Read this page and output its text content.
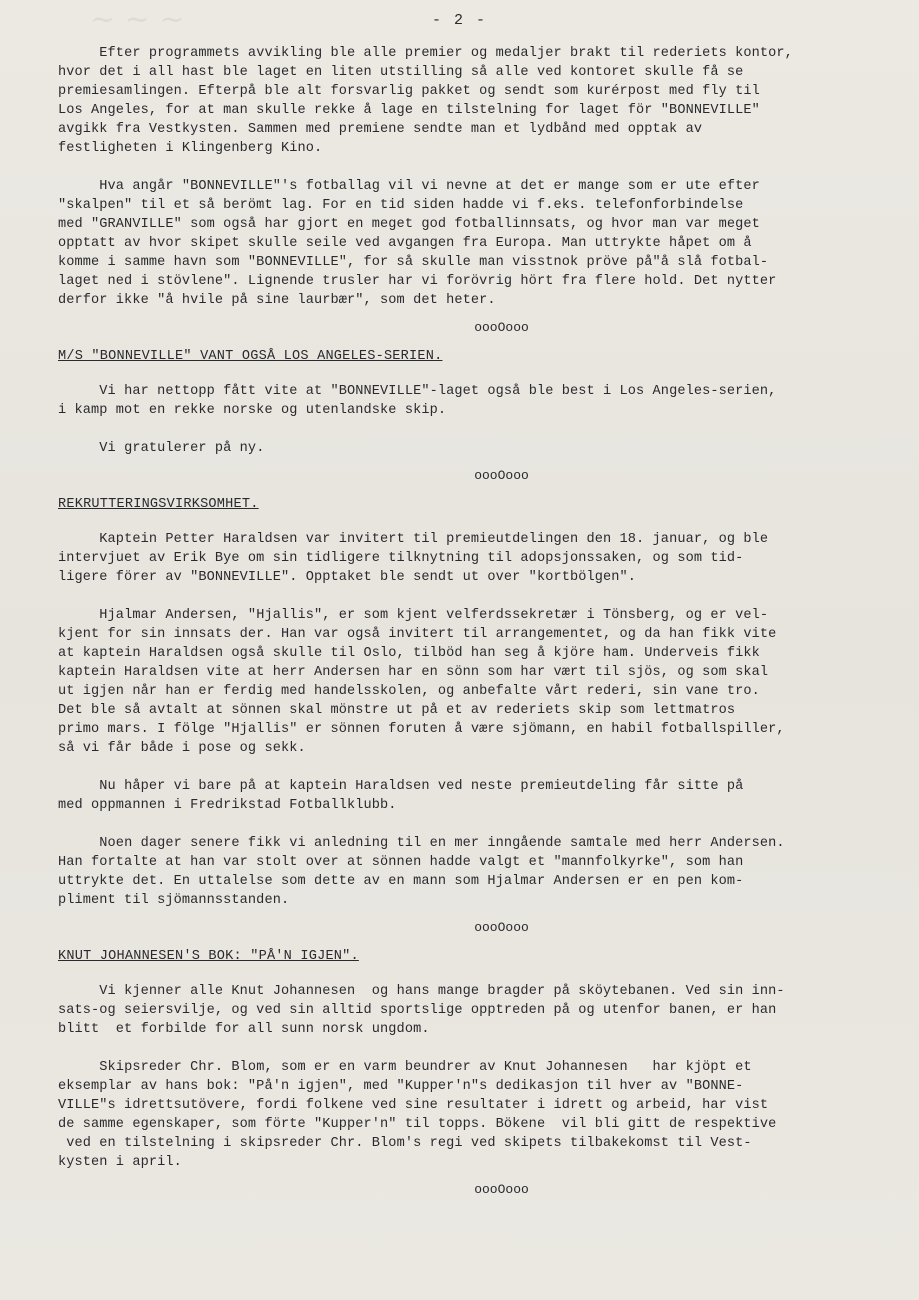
~ ~ ~	- 2 -

Efter programmets avvikling ble alle premier og medaljer brakt til rederiets kontor,
hvor det i all hast ble laget en liten utstilling så alle ved kontoret skulle få se
premiesamlingen. Efterpå ble alt forsvarlig pakket og sendt som kurérpost med fly til
Los Angeles, for at man skulle rekke å lage en tilstelning for laget för "BONNEVILLE"
avgikk fra Vestkysten. Sammen med premiene sendte man et lydbånd med opptak av
festligheten i Klingenberg Kino.

Hva angår "BONNEVILLE"'s fotballag vil vi nevne at det er mange som er ute efter
"skalpen" til et så berömt lag. For en tid siden hadde vi f.eks. telefonforbindelse
med "GRANVILLE" som også har gjort en meget god fotballinnsats, og hvor man var meget
opptatt av hvor skipet skulle seile ved avgangen fra Europa. Man uttrykte håpet om å
komme i samme havn som "BONNEVILLE", for så skulle man visstnok pröve på"å slå fotbal-
laget ned i stövlene". Lignende trusler har vi forövrig hört fra flere hold. Det nytter
derfor ikke "å hvile på sine laurbær", som det heter.

oooOooo
M/S "BONNEVILLE" VANT OGSÅ LOS ANGELES-SERIEN.

Vi har nettopp fått vite at "BONNEVILLE"-laget også ble best i Los Angeles-serien,
i kamp mot en rekke norske og utenlandske skip.

Vi gratulerer på ny.

oooOooo
REKRUTTERINGSVIRKSOMHET.

Kaptein Petter Haraldsen var invitert til premieutdelingen den 18. januar, og ble
intervjuet av Erik Bye om sin tidligere tilknytning til adopsjonssaken, og som tid-
ligere förer av "BONNEVILLE". Opptaket ble sendt ut over "kortbölgen".

Hjalmar Andersen, "Hjallis", er som kjent velferdssekretær i Tönsberg, og er vel-
kjent for sin innsats der. Han var også invitert til arrangementet, og da han fikk vite
at kaptein Haraldsen også skulle til Oslo, tilböd han seg å kjöre ham. Underveis fikk
kaptein Haraldsen vite at herr Andersen har en sönn som har vært til sjös, og som skal
ut igjen når han er ferdig med handelsskolen, og anbefalte vårt rederi, sin vane tro.
Det ble så avtalt at sönnen skal mönstre ut på et av rederiets skip som lettmatros
primo mars. I fölge "Hjallis" er sönnen foruten å være sjömann, en habil fotballspiller,
så vi får både i pose og sekk.

Nu håper vi bare på at kaptein Haraldsen ved neste premieutdeling får sitte på
med oppmannen i Fredrikstad Fotballklubb.

Noen dager senere fikk vi anledning til en mer inngående samtale med herr Andersen.
Han fortalte at han var stolt over at sönnen hadde valgt et "mannfolkyrke", som han
uttrykte det. En uttalelse som dette av en mann som Hjalmar Andersen er en pen kom-
pliment til sjömannsstanden.

oooOooo
KNUT JOHANNESEN'S BOK: "PÅ'N IGJEN".

Vi kjenner alle Knut Johannesen  og hans mange bragder på sköytebanen. Ved sin inn-
sats-og seiersvilje, og ved sin alltid sportslige opptreden på og utenfor banen, er han
blitt  et forbilde for all sunn norsk ungdom.

Skipsreder Chr. Blom, som er en varm beundrer av Knut Johannesen   har kjöpt et
eksemplar av hans bok: "På'n igjen", med "Kupper'n"s dedikasjon til hver av "BONNE-
VILLE"s idrettsutövere, fordi folkene ved sine resultater i idrett og arbeid, har vist
de samme egenskaper, som förte "Kupper'n" til topps. Bökene  vil bli gitt de respektive
ved en tilstelning i skipsreder Chr. Blom's regi ved skipets tilbakekomst til Vest-
kysten i april.

oooOooo
